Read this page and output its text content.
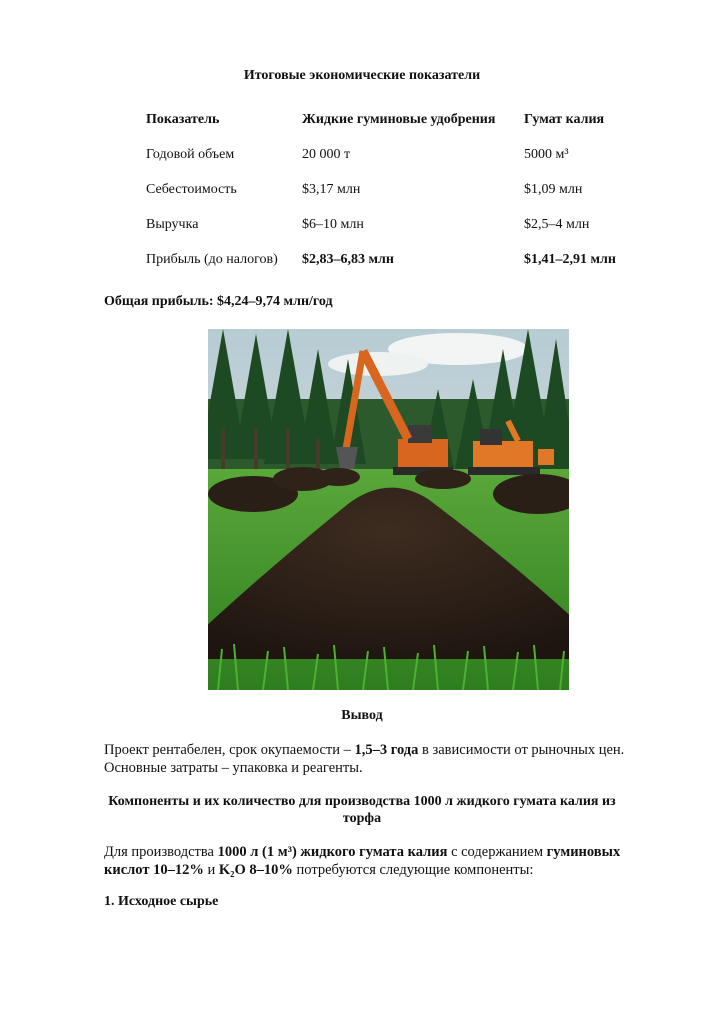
Итоговые экономические показатели
Показатель	Жидкие гуминовые удобрения	Гумат калия
Годовой объем	20 000 т	5000 м³
Себестоимость	$3,17 млн	$1,09 млн
Выручка	$6–10 млн	$2,5–4 млн
Прибыль (до налогов)	$2,83–6,83 млн	$1,41–2,91 млн
Общая прибыль: $4,24–9,74 млн/год
Вывод
Проект рентабелен, срок окупаемости – 1,5–3 года в зависимости от рыночных цен.
Основные затраты – упаковка и реагенты.
Компоненты и их количество для производства 1000 л жидкого гумата калия из
торфа
Для производства 1000 л (1 м³) жидкого гумата калия с содержанием гуминовых
кислот 10–12% и K₂O 8–10% потребуются следующие компоненты:
1. Исходное сырье
